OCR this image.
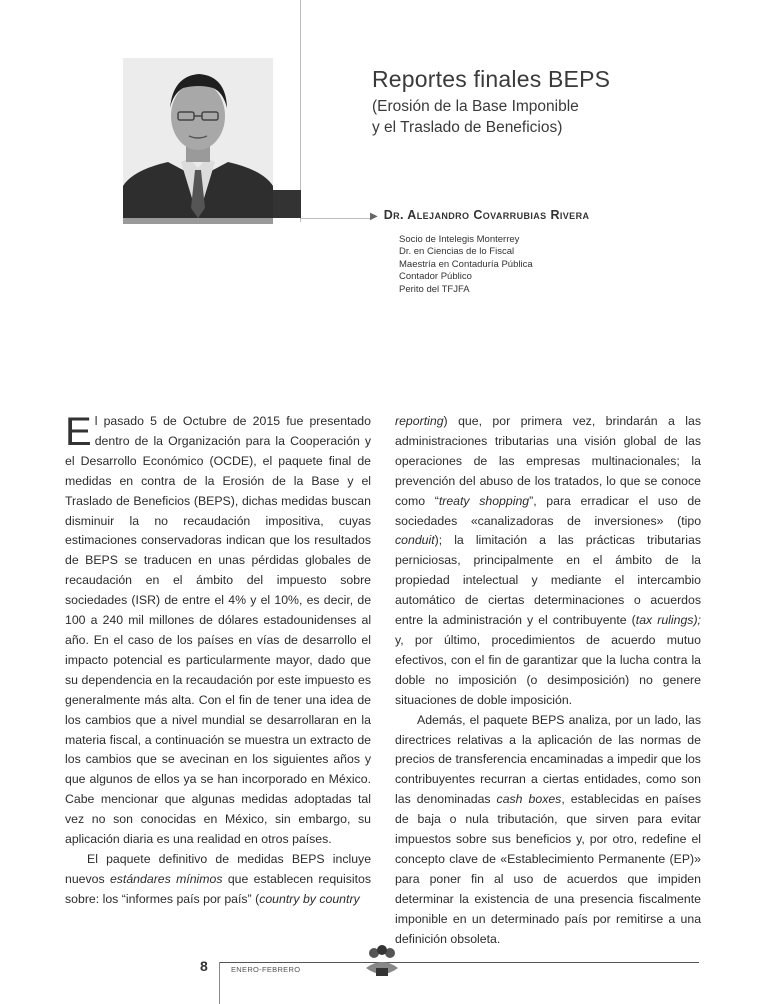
Reportes finales BEPS
(Erosión de la Base Imponible
y el Traslado de Beneficios)
▶ Dr. Alejandro Covarrubias Rivera
Socio de Intelegis Monterrey
Dr. en Ciencias de lo Fiscal
Maestría en Contaduría Pública
Contador Público
Perito del TFJFA

El pasado 5 de Octubre de 2015 fue presentado dentro de la Organización para la Cooperación y el Desarrollo Económico (OCDE), el paquete final de medidas en contra de la Erosión de la Base y el Traslado de Beneficios (BEPS), dichas medidas buscan disminuir la no recaudación impositiva, cuyas estimaciones conservadoras indican que los resultados de BEPS se traducen en unas pérdidas globales de recaudación en el ámbito del impuesto sobre sociedades (ISR) de entre el 4% y el 10%, es decir, de 100 a 240 mil millones de dólares estadounidenses al año. En el caso de los países en vías de desarrollo el impacto potencial es particularmente mayor, dado que su dependencia en la recaudación por este impuesto es generalmente más alta. Con el fin de tener una idea de los cambios que a nivel mundial se desarrollaran en la materia fiscal, a continuación se muestra un extracto de los cambios que se avecinan en los siguientes años y que algunos de ellos ya se han incorporado en México. Cabe mencionar que algunas medidas adoptadas tal vez no son conocidas en México, sin embargo, su aplicación diaria es una realidad en otros países.

El paquete definitivo de medidas BEPS incluye nuevos estándares mínimos que establecen requisitos sobre: los “informes país por país” (country by country

reporting) que, por primera vez, brindarán a las administraciones tributarias una visión global de las operaciones de las empresas multinacionales; la prevención del abuso de los tratados, lo que se conoce como “treaty shopping”, para erradicar el uso de sociedades «canalizadoras de inversiones» (tipo conduit); la limitación a las prácticas tributarias perniciosas, principalmente en el ámbito de la propiedad intelectual y mediante el intercambio automático de ciertas determinaciones o acuerdos entre la administración y el contribuyente (tax rulings); y, por último, procedimientos de acuerdo mutuo efectivos, con el fin de garantizar que la lucha contra la doble no imposición (o desimposición) no genere situaciones de doble imposición.

Además, el paquete BEPS analiza, por un lado, las directrices relativas a la aplicación de las normas de precios de transferencia encaminadas a impedir que los contribuyentes recurran a ciertas entidades, como son las denominadas cash boxes, establecidas en países de baja o nula tributación, que sirven para evitar impuestos sobre sus beneficios y, por otro, redefine el concepto clave de «Establecimiento Permanente (EP)» para poner fin al uso de acuerdos que impiden determinar la existencia de una presencia fiscalmente imponible en un determinado país por remitirse a una definición obsoleta.

8	ENERO-FEBRERO
